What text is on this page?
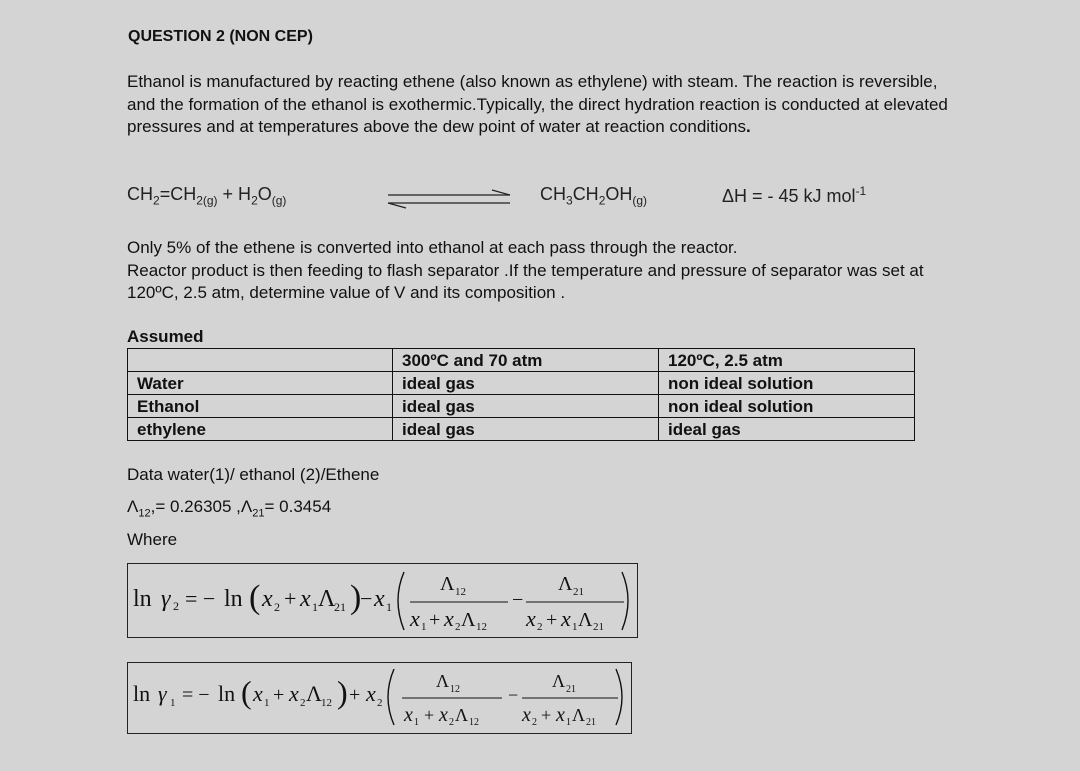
QUESTION 2 (NON CEP)
Ethanol is manufactured by reacting ethene (also known as ethylene) with steam. The reaction is reversible, and the formation of the ethanol is exothermic.Typically, the direct hydration reaction is conducted at elevated pressures and at temperatures above the dew point of water at reaction conditions.
$CH_2=CH_{2(g)} + H_2O_{(g)}$	$CH_3CH_2OH_{(g)}$	ΔH = - 45 kJ mol$^{-1}$
Only 5% of the ethene is converted into ethanol at each pass through the reactor.
Reactor product is then feeding to flash separator .If the temperature and pressure of separator was set at 120ºC, 2.5 atm, determine value of V and its composition .
Assumed
	300ºC and 70 atm	120ºC, 2.5 atm
Water	ideal gas	non ideal solution
Ethanol	ideal gas	non ideal solution
ethylene	ideal gas	ideal gas
Data water(1)/ ethanol (2)/Ethene
$\Lambda_{12},= 0.26305$ $,\Lambda_{21}= 0.3454$
Where
ln γ 2 = − ln ( x 2 + x 1 Λ
21 )
− x 1
Λ 12
x 1 + x 2 Λ 12
−
Λ 21
x 2 + x 1 Λ 21
ln γ 1 = − ln ( x 1 + x 2 Λ 12 ) + x 2
Λ 12
x 1 + x 2 Λ 12
−
Λ 21
x 2 + x 1 Λ 21
